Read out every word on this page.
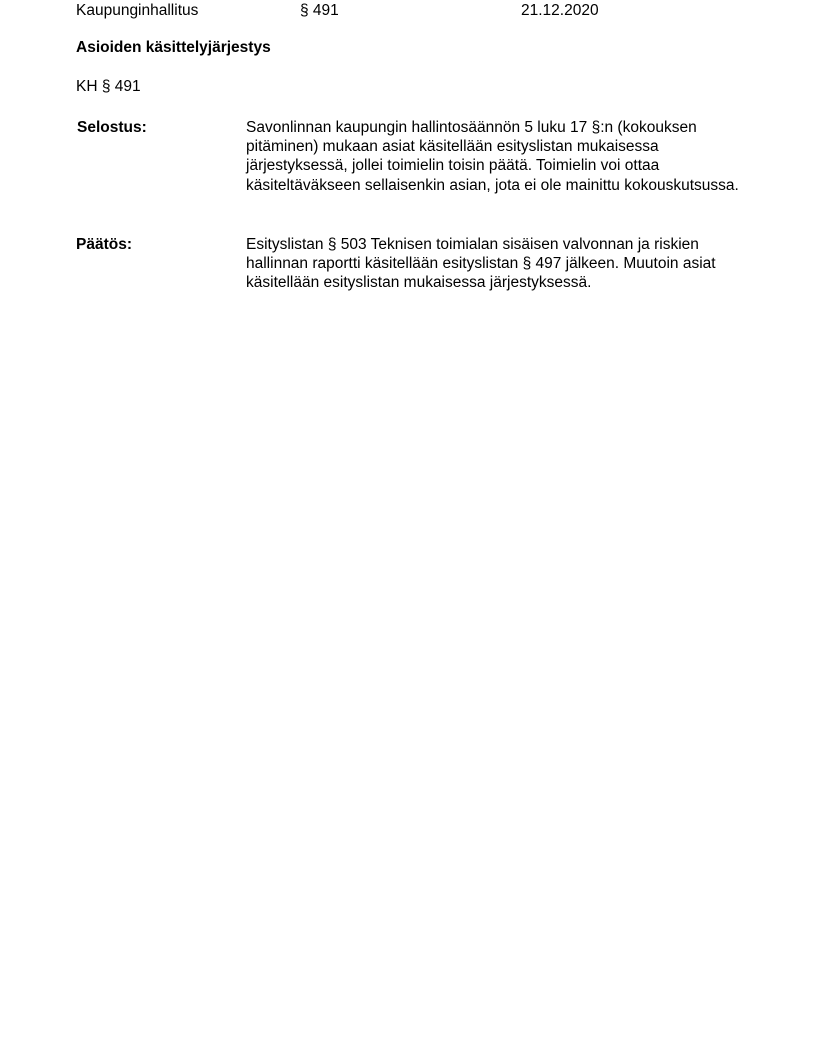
Kaupunginhallitus	§ 491	21.12.2020
Asioiden käsittelyjärjestys
KH § 491
Selostus:	Savonlinnan kaupungin hallintosäännön 5 luku 17 §:n (kokouksen pitäminen) mukaan asiat käsitellään esityslistan mukaisessa järjestyksessä, jollei toimielin toisin päätä. Toimielin voi ottaa käsiteltäväkseen sellaisenkin asian, jota ei ole mainittu kokouskutsussa.
Päätös:	Esityslistan § 503 Teknisen toimialan sisäisen valvonnan ja riskien hallinnan raportti käsitellään esityslistan § 497 jälkeen. Muutoin asiat käsitellään esityslistan mukaisessa järjestyksessä.
